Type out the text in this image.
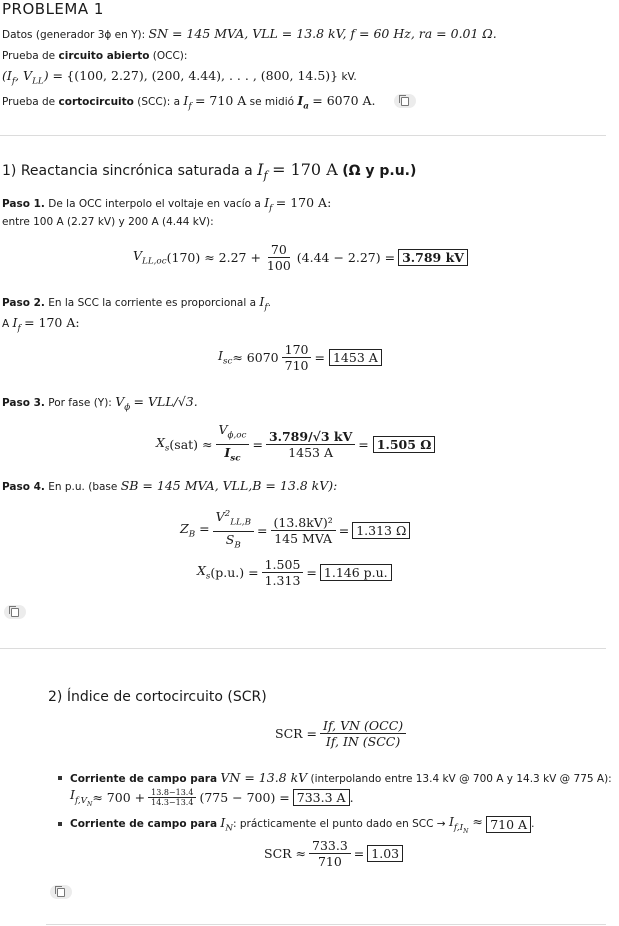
PROBLEMA 1
Datos (generador 3ϕ en Y): SN = 145 MVA, VLL = 13.8 kV, f = 60 Hz, ra = 0.01 Ω.
Prueba de circuito abierto (OCC):
($I_f$, $V_{LL}) = \{(100$, 2.27), (200, 4.44), . . . , (800, 14.5)} kV.
Prueba de cortocircuito (SCC): a $I_f = 710$ A se midió $I_a = 6070$ A.
1) Reactancia sincrónica saturada a $I_f = 170$ A (Ω y p.u.)
Paso 1. De la OCC interpolo el voltaje en vacío a $I_f = 170$ A:
entre 100 A (2.27 kV) y 200 A (4.44 kV):
$V_{LL,oc}$ $(170) \approx 2.27 + \frac{70}{100} (4.44 - 2.27) = 3.789$ kV
Paso 2. En la SCC la corriente es proporcional a $I_f$.
A $I_f = 170$ A:
$I_{sc} \approx 6070 \frac{170}{710} = 1453$ A
Paso 3. Por fase (Y): $V_\phi = VLL/√3$.
$X_s$ $(sat) \approx \frac{V_{\phi,oc}}{I_{sc}} = \frac{3.789/√3 kV}{1453 A} = 1.505$ Ω
Paso 4. En p.u. (base SB = 145 MVA, VLL,B = 13.8 kV):
$Z_B = \frac{V^2_{LL,B}}{S_B} = \frac{\text{(13.8kV)²}}{\text{145 MVA}} = 1.313$ Ω
$X_s$ $(p.u.) = \frac{1.505}{1.313} = 1.146$ p.u.
2) Índice de cortocircuito (SCR)
SCR = $\frac{\text{If, VN (OCC)}}{\text{If, IN (SCC)}}$
Corriente de campo para VN = 13.8 kV (interpolando entre 13.4 kV @ 700 A y 14.3 kV @ 775 A):
$I_{f,V_N} \approx 700 + \frac{13.8-13.4}{14.3-13.4} (775 - 700) = 733.3$ A .
Corriente de campo para
$I_N$ : prácticamente el punto dado en SCC →
$I_{f,I_N}$ ≈
710 A .
SCR ≈ $\frac{733.3}{710} = 1.03$
